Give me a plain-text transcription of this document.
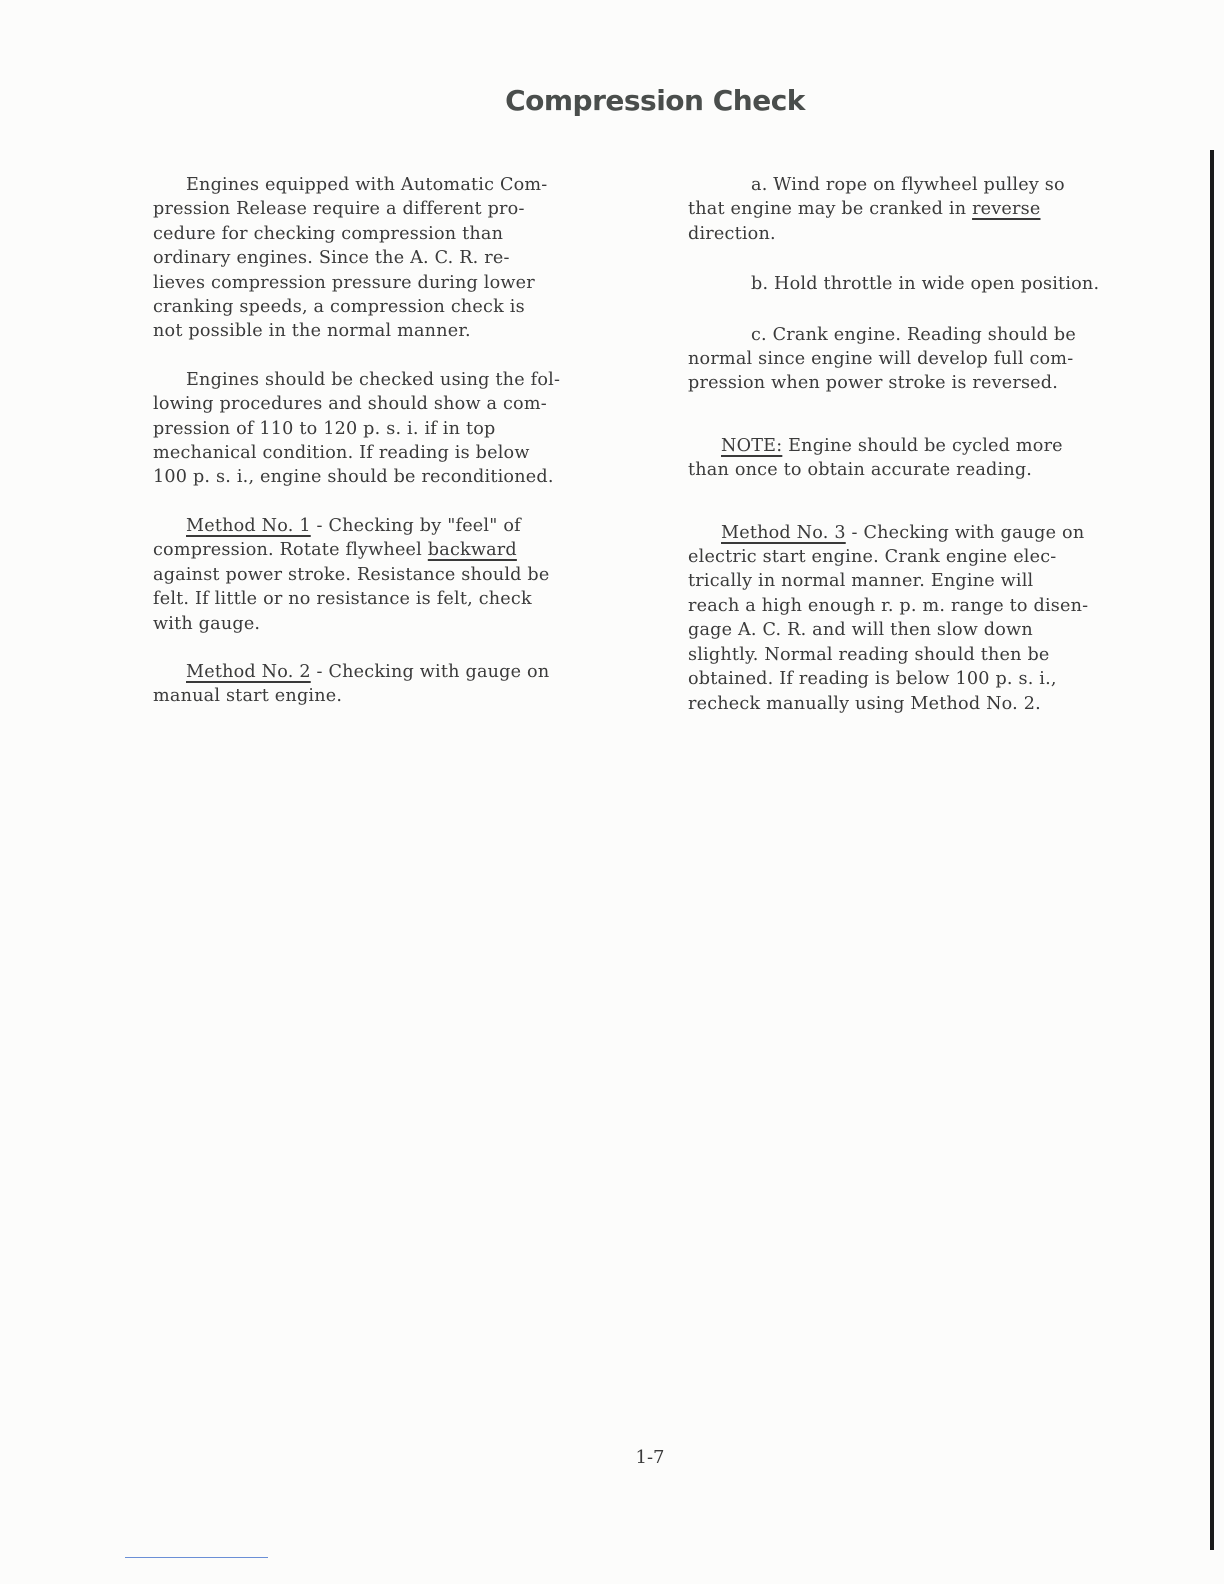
Compression Check

Engines equipped with Automatic Com-
pression Release require a different pro-
cedure for checking compression than
ordinary engines. Since the A. C. R. re-
lieves compression pressure during lower
cranking speeds, a compression check is
not possible in the normal manner.

Engines should be checked using the fol-
lowing procedures and should show a com-
pression of 110 to 120 p. s. i. if in top
mechanical condition. If reading is below
100 p. s. i., engine should be reconditioned.

Method No. 1 - Checking by "feel" of
compression. Rotate flywheel backward
against power stroke. Resistance should be
felt. If little or no resistance is felt, check
with gauge.

Method No. 2 - Checking with gauge on
manual start engine.

a. Wind rope on flywheel pulley so
that engine may be cranked in reverse
direction.

b. Hold throttle in wide open position.

c. Crank engine. Reading should be
normal since engine will develop full com-
pression when power stroke is reversed.

NOTE: Engine should be cycled more
than once to obtain accurate reading.

Method No. 3 - Checking with gauge on
electric start engine. Crank engine elec-
trically in normal manner. Engine will
reach a high enough r. p. m. range to disen-
gage A. C. R. and will then slow down
slightly. Normal reading should then be
obtained. If reading is below 100 p. s. i.,
recheck manually using Method No. 2.

1-7
